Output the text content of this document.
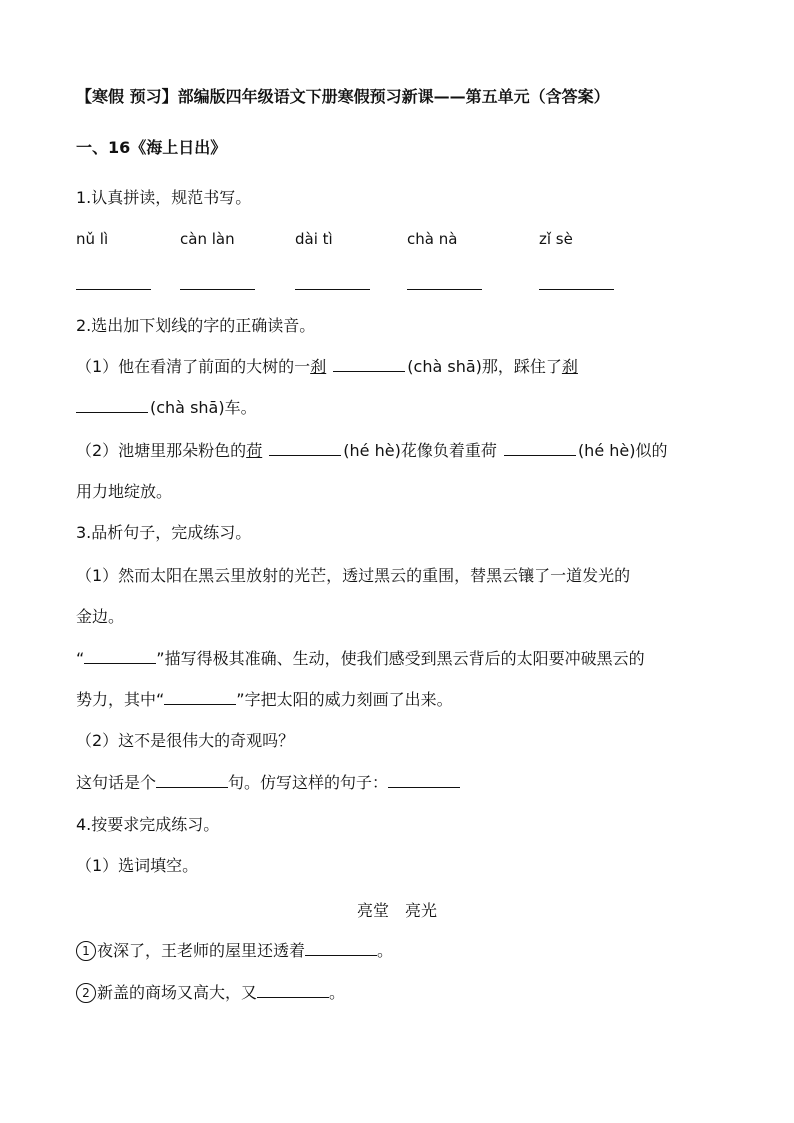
【寒假 预习】部编版四年级语文下册寒假预习新课——第五单元（含答案）
一、16《海上日出》
1.认真拼读，规范书写。
nǔ lì	càn làn	dài tì	chà nà	zǐ sè
2.选出加下划线的字的正确读音。
（1）他在看清了前面的大树的一刹	(chà shā)那，踩住了刹
(chà shā)车。
（2）池塘里那朵粉色的荷	(hé hè)花像负着重荷	(hé hè)似的
用力地绽放。
3.品析句子，完成练习。
（1）然而太阳在黑云里放射的光芒，透过黑云的重围，替黑云镶了一道发光的
金边。
“	”描写得极其准确、生动，使我们感受到黑云背后的太阳要冲破黑云的
势力，其中“	”字把太阳的威力刻画了出来。
（2）这不是很伟大的奇观吗？
这句话是个	句。仿写这样的句子：
4.按要求完成练习。
（1）选词填空。
亮堂　亮光
1 夜深了，王老师的屋里还透着	。
2 新盖的商场又高大，又	。
